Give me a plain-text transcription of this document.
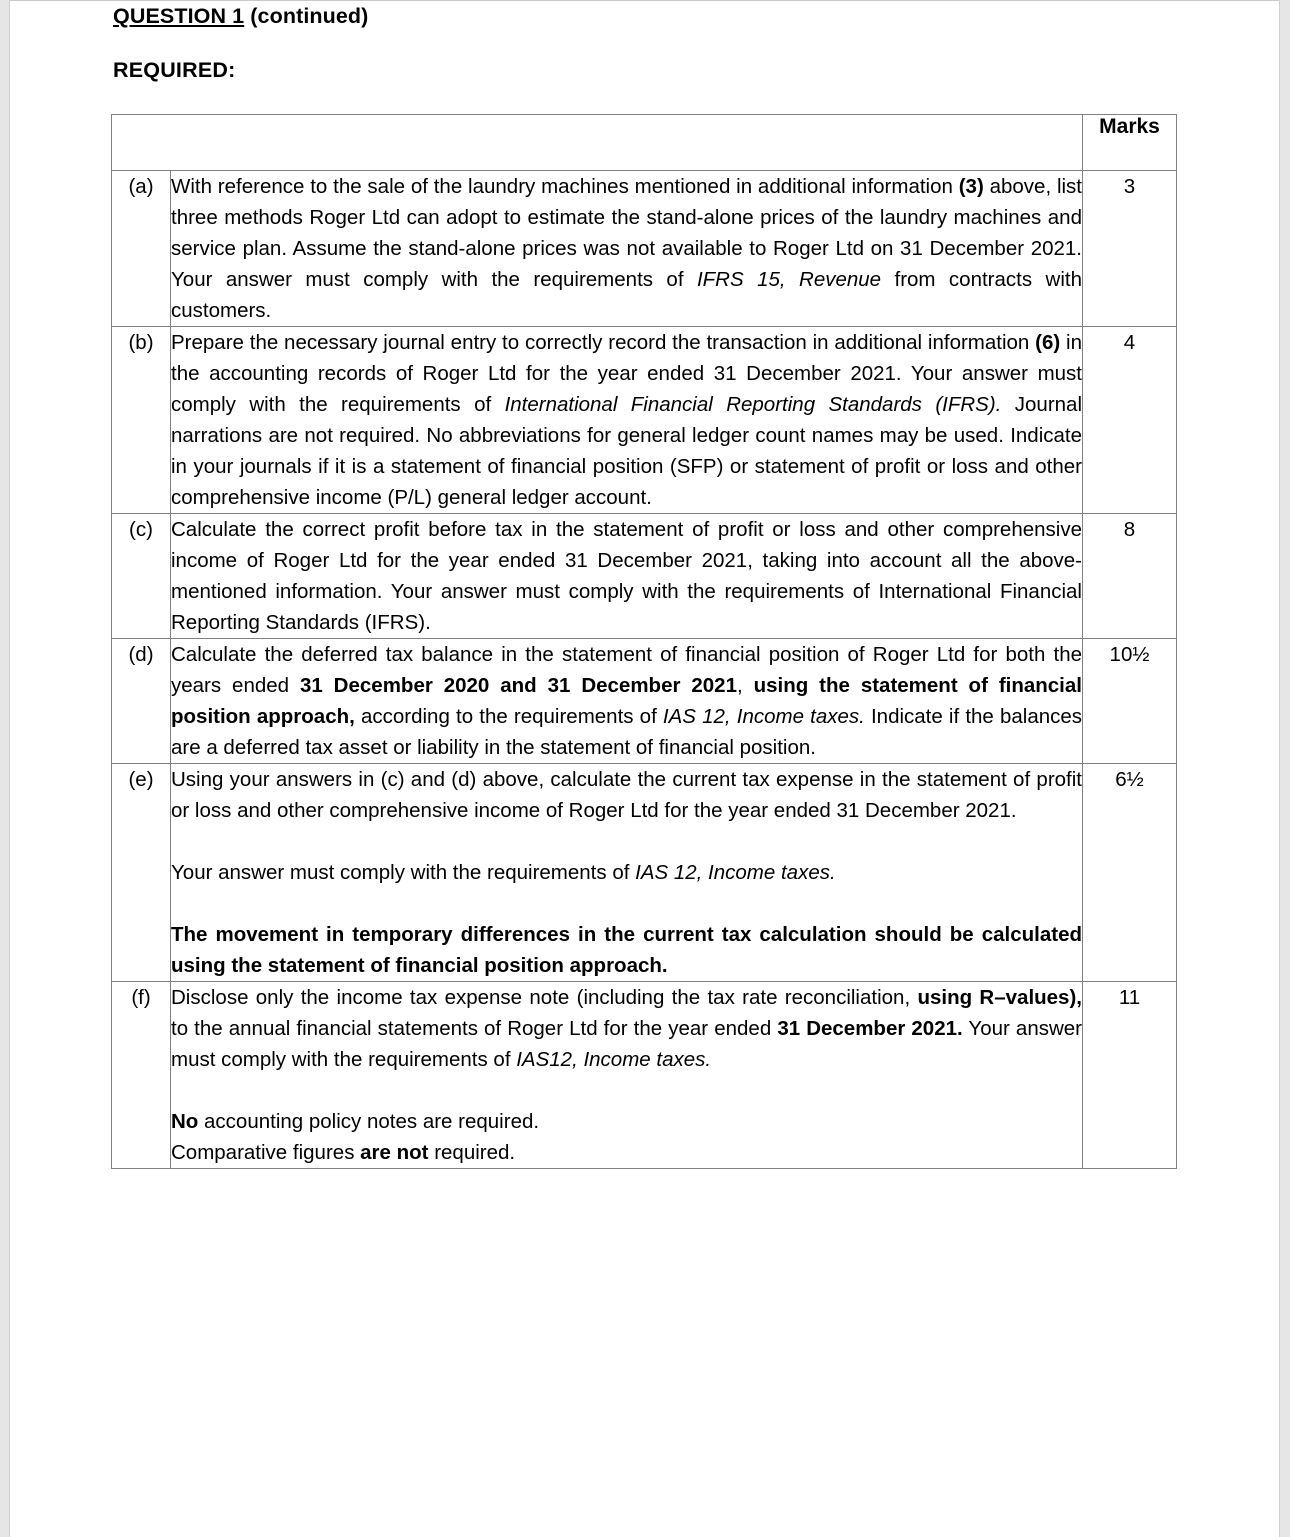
QUESTION 1 (continued)
REQUIRED:
		Marks
(a)	With reference to the sale of the laundry machines mentioned in additional information (3) above, list three methods Roger Ltd can adopt to estimate the stand-alone prices of the laundry machines and service plan. Assume the stand-alone prices was not available to Roger Ltd on 31 December 2021. Your answer must comply with the requirements of IFRS 15, Revenue from contracts with customers.	3
(b)	Prepare the necessary journal entry to correctly record the transaction in additional information (6) in the accounting records of Roger Ltd for the year ended 31 December 2021. Your answer must comply with the requirements of International Financial Reporting Standards (IFRS). Journal narrations are not required. No abbreviations for general ledger count names may be used. Indicate in your journals if it is a statement of financial position (SFP) or statement of profit or loss and other comprehensive income (P/L) general ledger account.	4
(c)	Calculate the correct profit before tax in the statement of profit or loss and other comprehensive income of Roger Ltd for the year ended 31 December 2021, taking into account all the above-mentioned information. Your answer must comply with the requirements of International Financial Reporting Standards (IFRS).	8
(d)	Calculate the deferred tax balance in the statement of financial position of Roger Ltd for both the years ended 31 December 2020 and 31 December 2021, using the statement of financial position approach, according to the requirements of IAS 12, Income taxes. Indicate if the balances are a deferred tax asset or liability in the statement of financial position.	10½
(e)	Using your answers in (c) and (d) above, calculate the current tax expense in the statement of profit or loss and other comprehensive income of Roger Ltd for the year ended 31 December 2021.

Your answer must comply with the requirements of IAS 12, Income taxes.

The movement in temporary differences in the current tax calculation should be calculated using the statement of financial position approach.	6½
(f)	Disclose only the income tax expense note (including the tax rate reconciliation, using R–values), to the annual financial statements of Roger Ltd for the year ended 31 December 2021. Your answer must comply with the requirements of IAS12, Income taxes.

No accounting policy notes are required.

Comparative figures are not required.	11
